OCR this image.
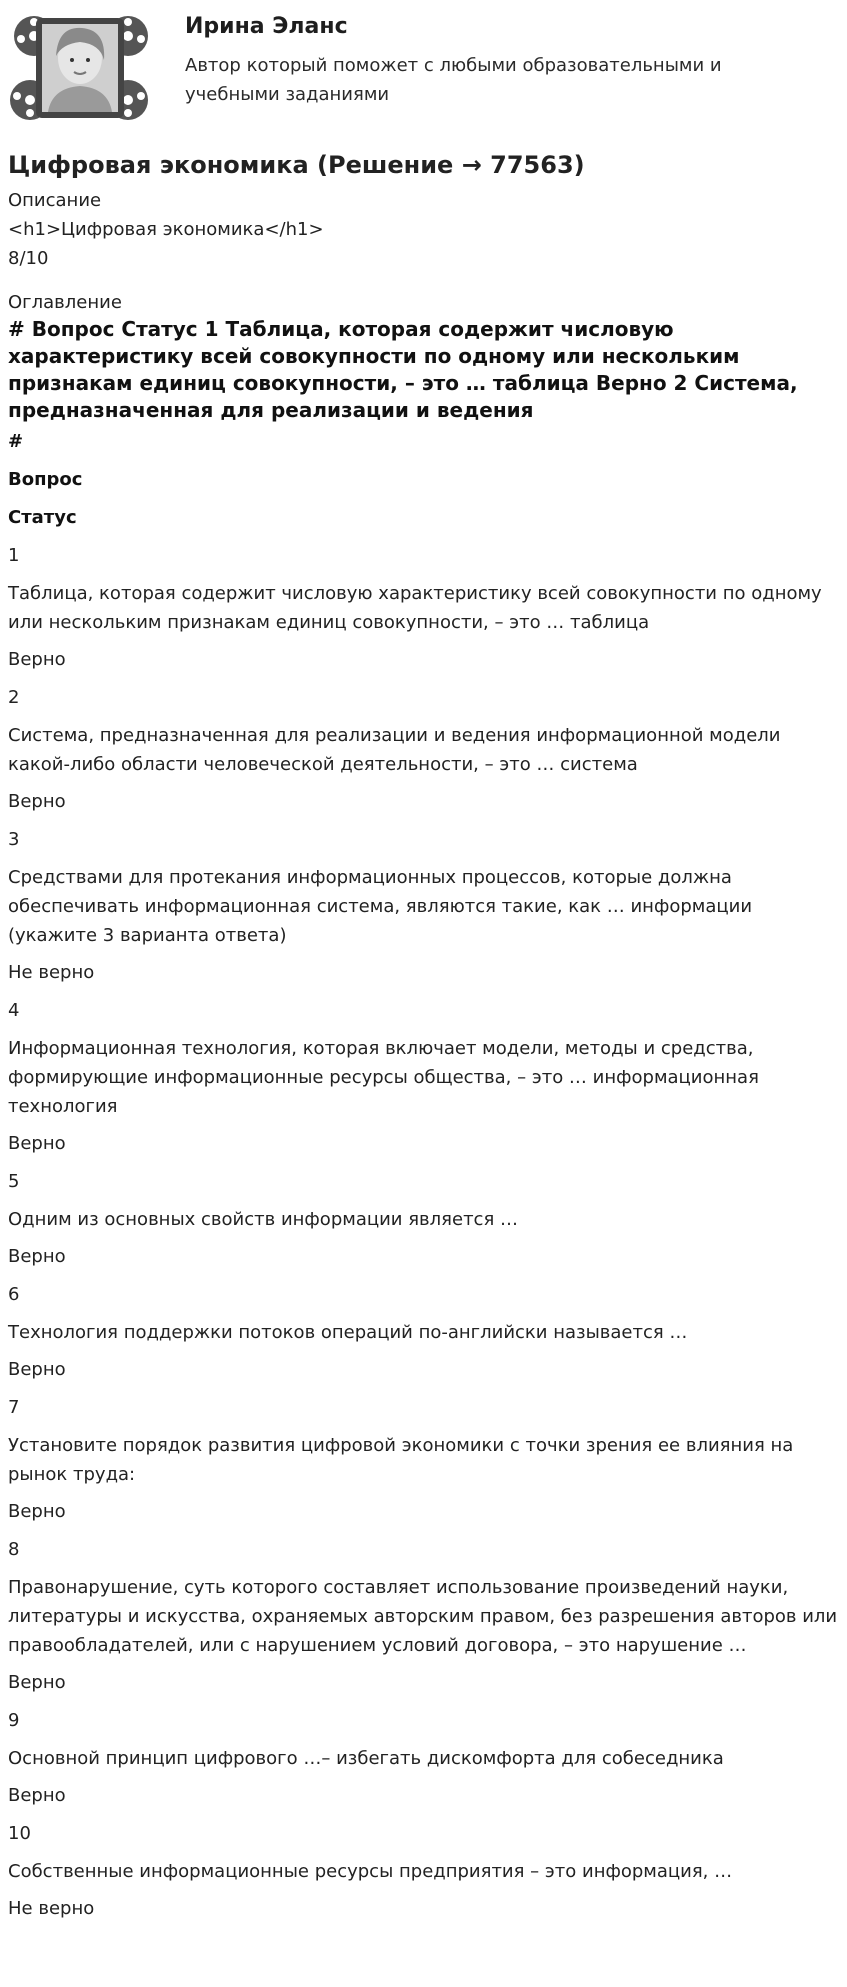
Ирина Эланс
Автор который поможет с любыми образовательными и учебными заданиями
Цифровая экономика (Решение → 77563)
Описание
<h1>Цифровая экономика</h1>
8/10
Оглавление
# Вопрос Статус 1 Таблица, которая содержит числовую характеристику всей совокупности по одному или нескольким признакам единиц совокупности, – это … таблица Верно 2 Система, предназначенная для реализации и ведения
#
Вопрос
Статус
1
Таблица, которая содержит числовую характеристику всей совокупности по одному или нескольким признакам единиц совокупности, – это … таблица
Верно
2
Система, предназначенная для реализации и ведения информационной модели какой-либо области человеческой деятельности, – это … система
Верно
3
Средствами для протекания информационных процессов, которые должна обеспечивать информационная система, являются такие, как … информации (укажите 3 варианта ответа)
Не верно
4
Информационная технология, которая включает модели, методы и средства, формирующие информационные ресурсы общества, – это … информационная технология
Верно
5
Одним из основных свойств информации является …
Верно
6
Технология поддержки потоков операций по-английски называется …
Верно
7
Установите порядок развития цифровой экономики с точки зрения ее влияния на рынок труда:
Верно
8
Правонарушение, суть которого составляет использование произведений науки, литературы и искусства, охраняемых авторским правом, без разрешения авторов или правообладателей, или с нарушением условий договора, – это нарушение …
Верно
9
Основной принцип цифрового …– избегать дискомфорта для собеседника
Верно
10
Собственные информационные ресурсы предприятия – это информация, …
Не верно
